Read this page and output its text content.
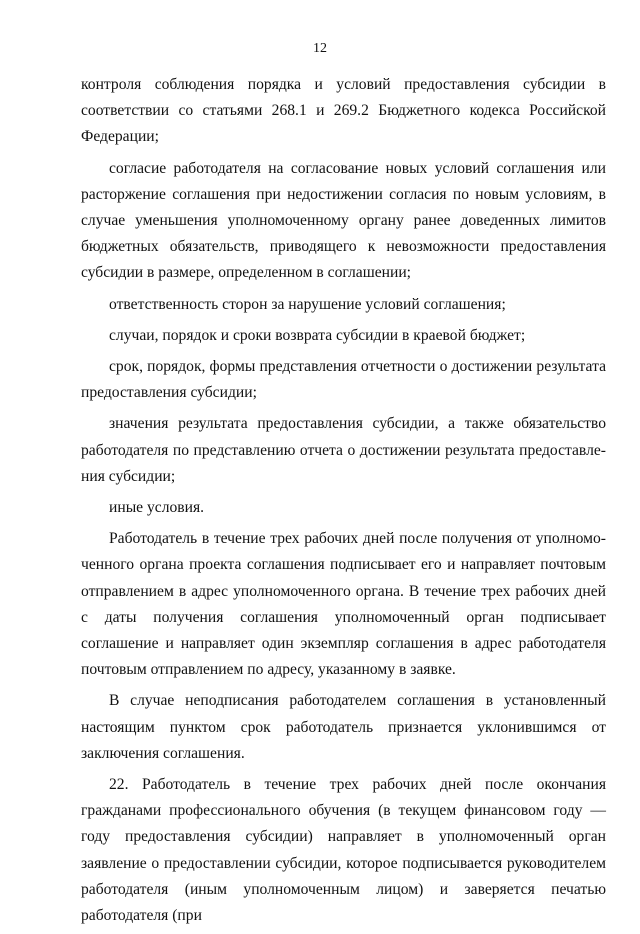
12

контроля соблюдения порядка и условий предоставления субсидии в соответствии со статьями 268.1 и 269.2 Бюджетного кодекса Российской Федерации;

согласие работодателя на согласование новых условий соглашения или расторжение соглашения при недостижении согласия по новым условиям, в случае уменьшения уполномоченному органу ранее доведенных лимитов бюджетных обязательств, приводящего к невозможности предоставления субсидии в размере, определенном в соглашении;

ответственность сторон за нарушение условий соглашения;

случаи, порядок и сроки возврата субсидии в краевой бюджет;

срок, порядок, формы представления отчетности о достижении результата предоставления субсидии;

значения результата предоставления субсидии, а также обязательство работодателя по представлению отчета о достижении результата предоставления субсидии;

иные условия.

Работодатель в течение трех рабочих дней после получения от уполномоченного органа проекта соглашения подписывает его и направляет почтовым отправлением в адрес уполномоченного органа. В течение трех рабочих дней с даты получения соглашения уполномоченный орган подписывает соглашение и направляет один экземпляр соглашения в адрес работодателя почтовым отправлением по адресу, указанному в заявке.

В случае неподписания работодателем соглашения в установленный настоящим пунктом срок работодатель признается уклонившимся от заключения соглашения.

22. Работодатель в течение трех рабочих дней после окончания гражданами профессионального обучения (в текущем финансовом году — году предоставления субсидии) направляет в уполномоченный орган заявление о предоставлении субсидии, которое подписывается руководителем работодателя (иным уполномоченным лицом) и заверяется печатью работодателя (при
